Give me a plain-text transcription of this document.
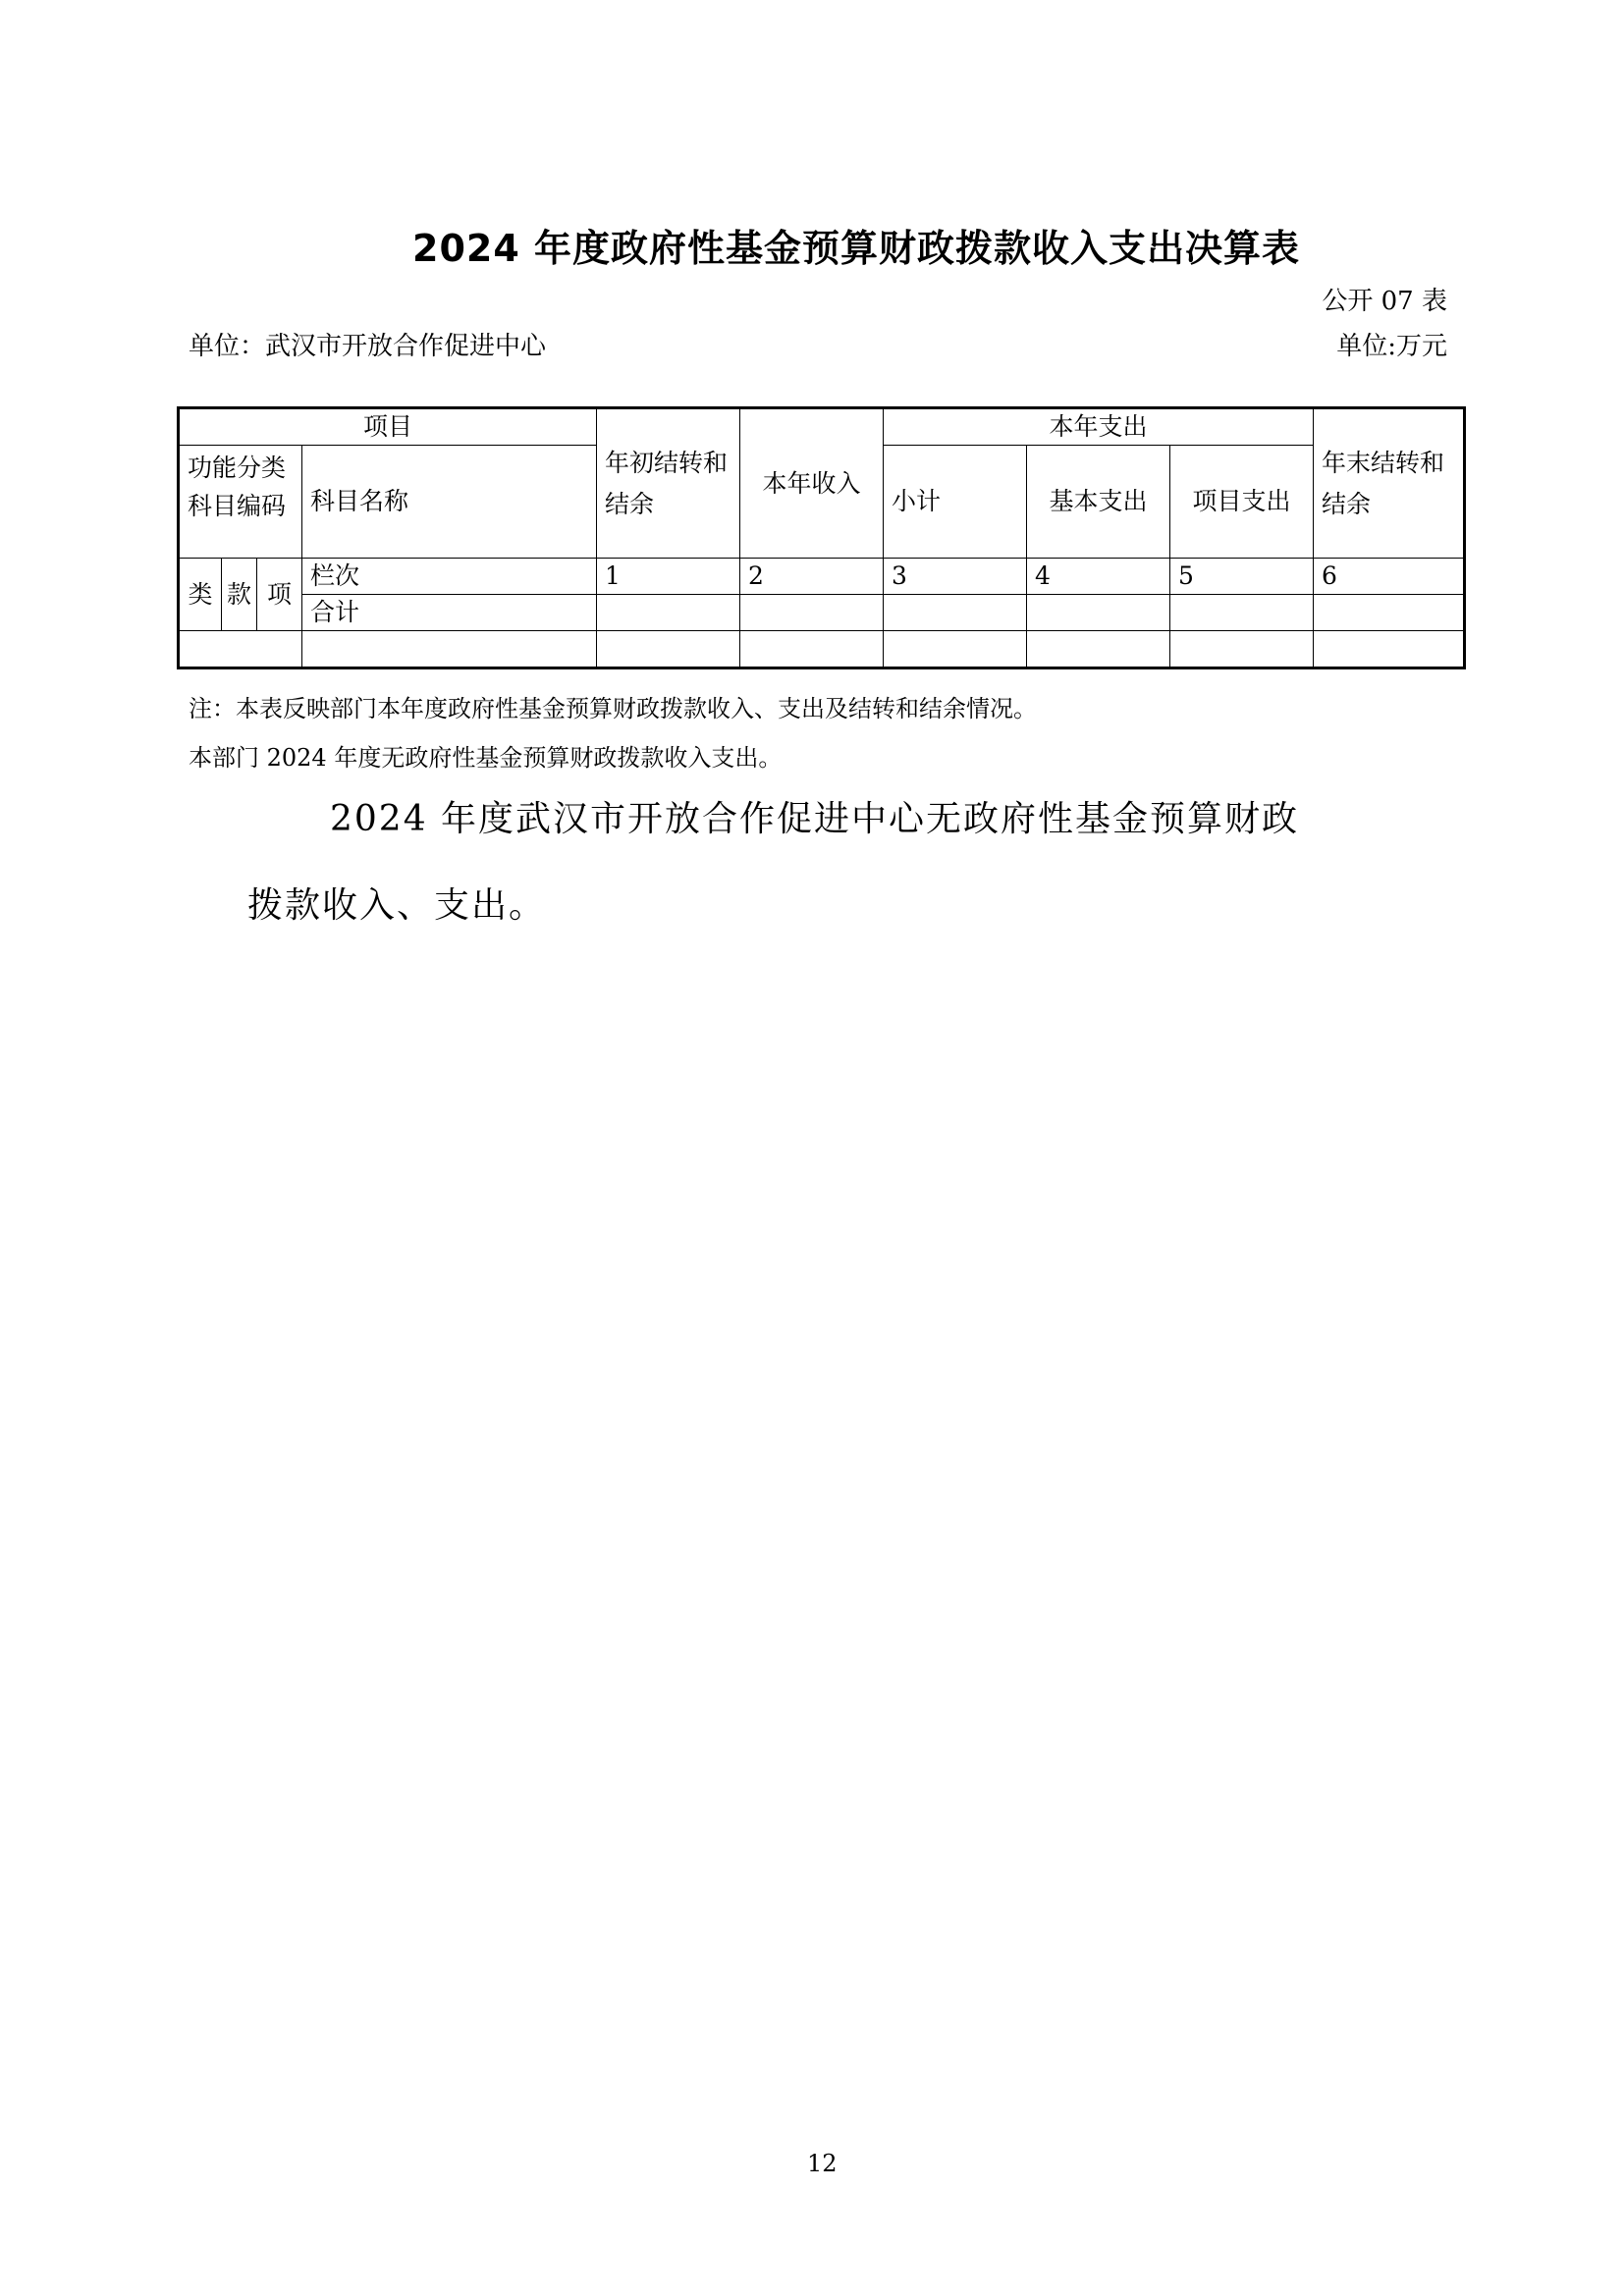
2024 年度政府性基金预算财政拨款收入支出决算表
公开 07 表
单位：武汉市开放合作促进中心	单位:万元
项目				年初结转和结余	本年收入	本年支出			年末结转和结余

功能分类科目编码			科目名称			小计	基本支出	项目支出	
类	款	项	栏次	1	2	3	4	5	6
			合计						

注：本表反映部门本年度政府性基金预算财政拨款收入、支出及结转和结余情况。
本部门 2024 年度无政府性基金预算财政拨款收入支出。
2024 年度武汉市开放合作促进中心无政府性基金预算财政
拨款收入、支出。
12
